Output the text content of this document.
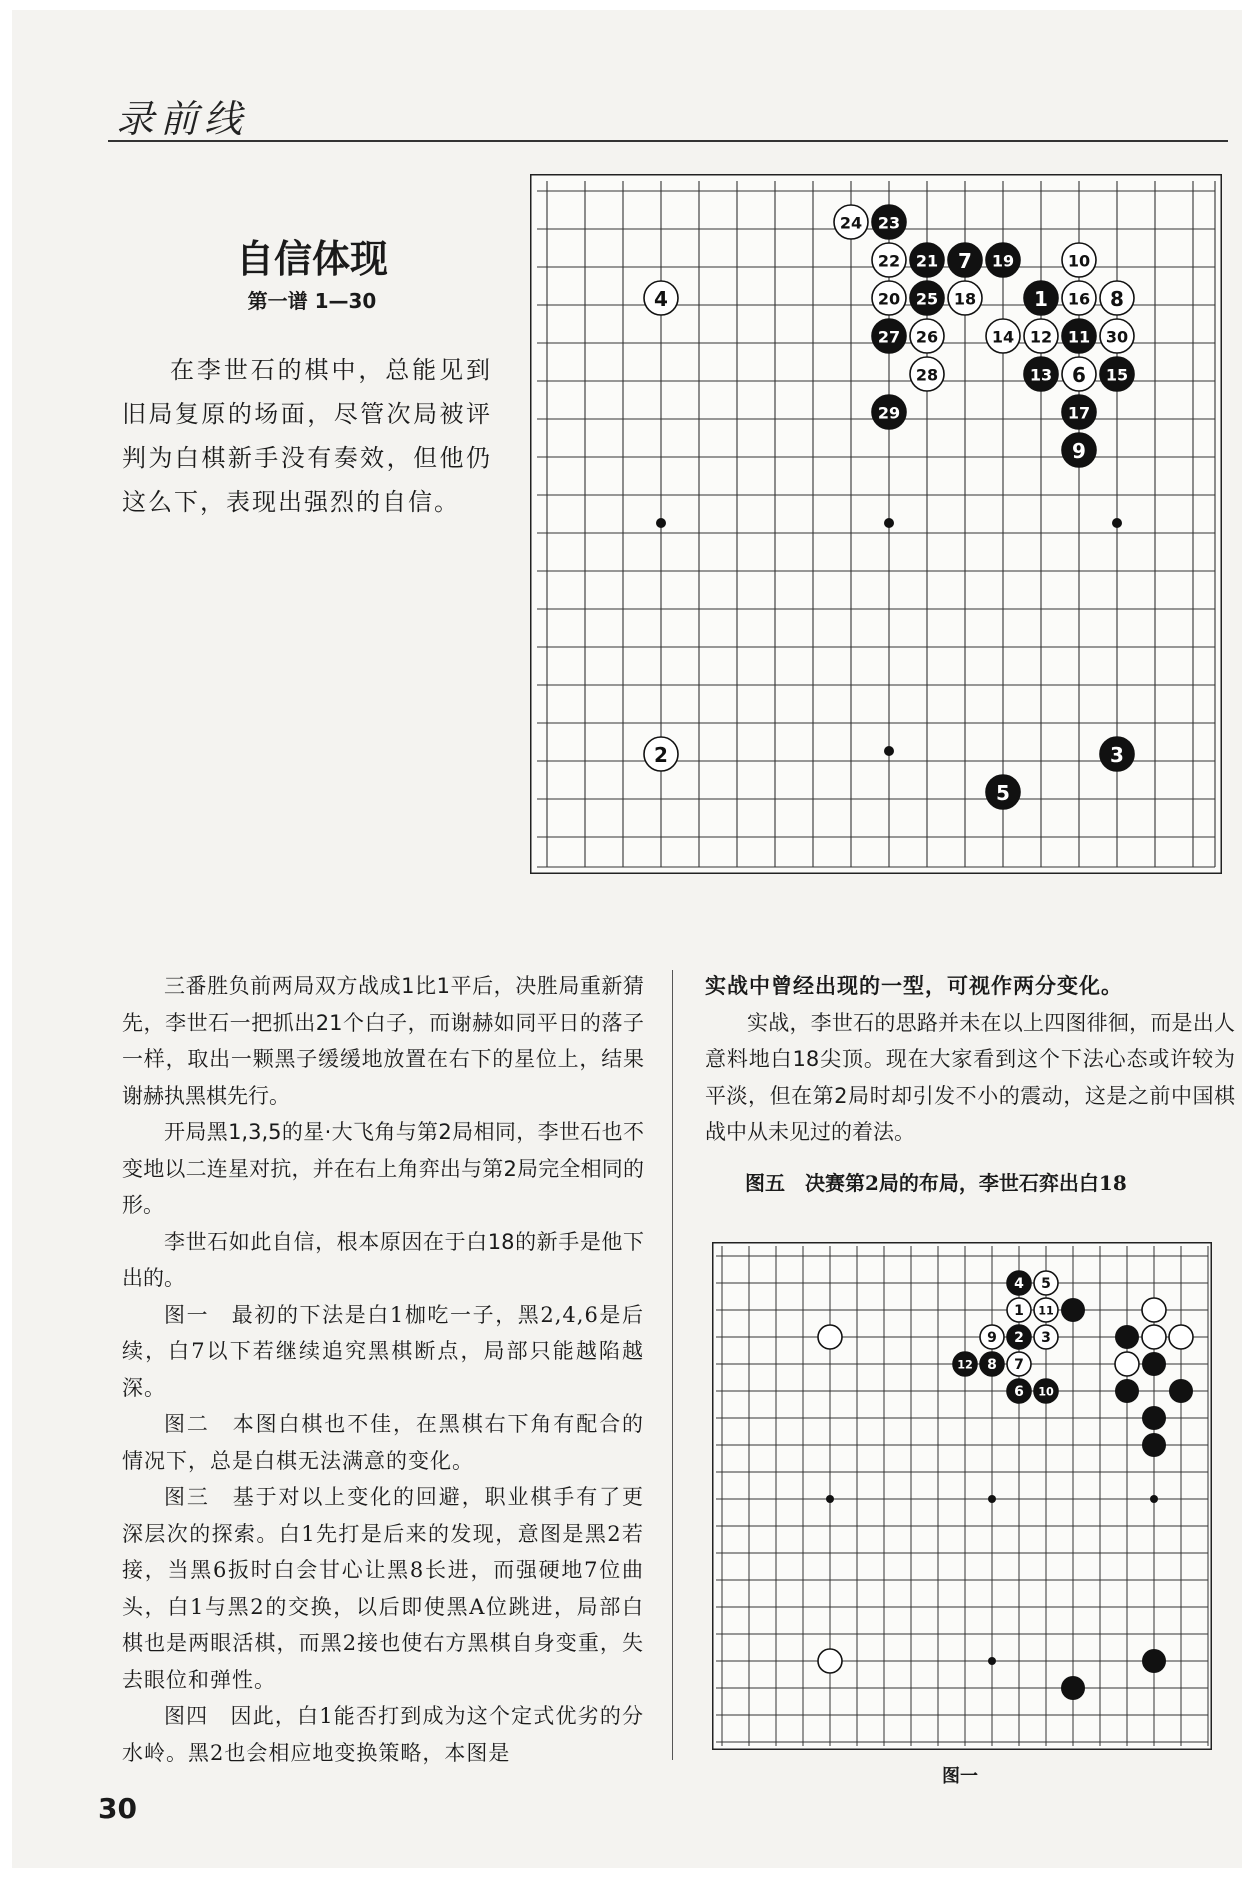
录前线
自信体现
第一谱 1—30
在李世石的棋中，总能见到旧局复原的场面，尽管次局被评判为白棋新手没有奏效，但他仍这么下，表现出强烈的自信。
24 23
22 21 7 19	10
4	20 25 18	1 16 8
27 26	14 12 11 30
28	13 6 15
29	17
9
2	3
5

三番胜负前两局双方战成1比1平后，决胜局重新猜先，李世石一把抓出21个白子，而谢赫如同平日的落子一样，取出一颗黑子缓缓地放置在右下的星位上，结果谢赫执黑棋先行。

开局黑1,3,5的星·大飞角与第2局相同，李世石也不变地以二连星对抗，并在右上角弈出与第2局完全相同的形。

李世石如此自信，根本原因在于白18的新手是他下出的。

图一　最初的下法是白1枷吃一子，黑2,4,6是后续，白7以下若继续追究黑棋断点，局部只能越陷越深。

图二　本图白棋也不佳，在黑棋右下角有配合的情况下，总是白棋无法满意的变化。

图三　基于对以上变化的回避，职业棋手有了更深层次的探索。白1先打是后来的发现，意图是黑2若接，当黑6扳时白会甘心让黑8长进，而强硬地7位曲头，白1与黑2的交换，以后即使黑A位跳进，局部白棋也是两眼活棋，而黑2接也使右方黑棋自身变重，失去眼位和弹性。

图四　因此，白1能否打到成为这个定式优劣的分水岭。黑2也会相应地变换策略，本图是

实战中曾经出现的一型，可视作两分变化。

实战，李世石的思路并未在以上四图徘徊，而是出人意料地白18尖顶。现在大家看到这个下法心态或许较为平淡，但在第2局时却引发不小的震动，这是之前中国棋战中从未见过的着法。

图五　决赛第2局的布局，李世石弈出白18

4 5
1 11
9 2 3
12 8 7
6 10
图一
30
